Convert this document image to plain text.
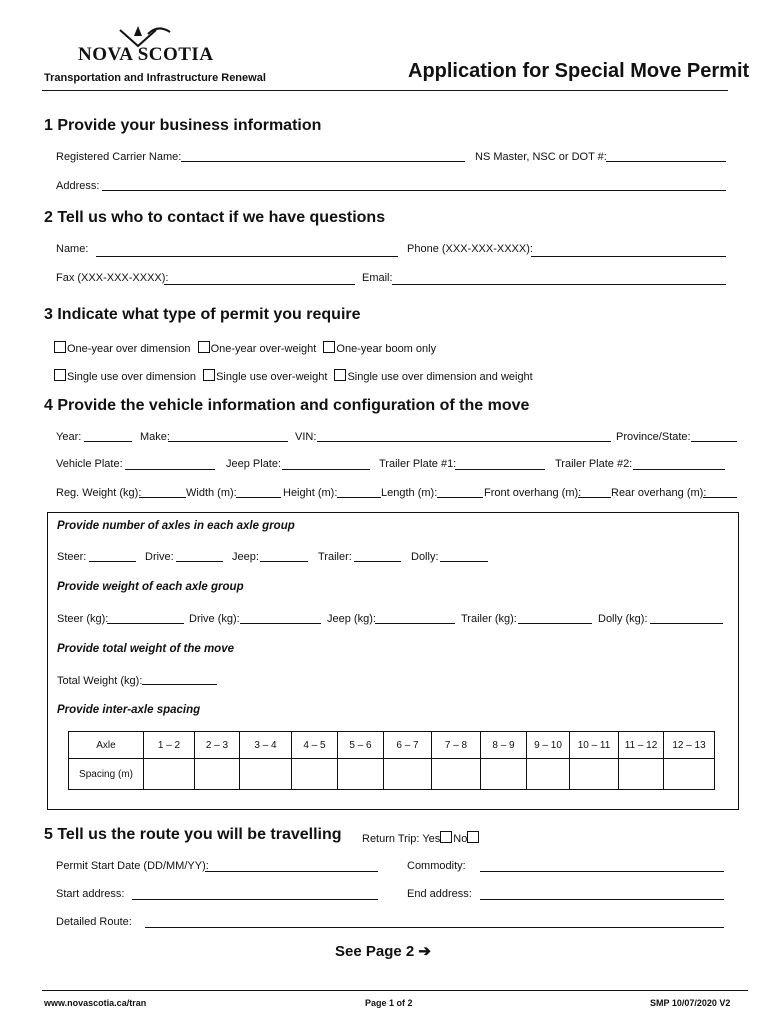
NOVA SCOTIA
Transportation and Infrastructure Renewal	Application for Special Move Permit
1 Provide your business information
Registered Carrier Name:	NS Master, NSC or DOT #:
Address:
2 Tell us who to contact if we have questions
Name:	Phone (XXX-XXX-XXXX):
Fax (XXX-XXX-XXXX):	Email:
3 Indicate what type of permit you require
One-year over dimension One-year over-weight One-year boom only
Single use over dimension Single use over-weight Single use over dimension and weight
4 Provide the vehicle information and configuration of the move
Year:	Make:	VIN:	Province/State:
Vehicle Plate:	Jeep Plate:	Trailer Plate #1:	Trailer Plate #2:
Reg. Weight (kg):	Width (m):	Height (m):	Length (m):	Front overhang (m):	Rear overhang (m):
Provide number of axles in each axle group
Steer:	Drive:	Jeep:	Trailer:	Dolly:
Provide weight of each axle group
Steer (kg):	Drive (kg):	Jeep (kg):	Trailer (kg):	Dolly (kg):
Provide total weight of the move
Total Weight (kg):
Provide inter-axle spacing
Axle	1 – 2	2 – 3	3 – 4	4 – 5	5 – 6	6 – 7	7 – 8	8 – 9	9 – 10	10 – 11	11 – 12	12 – 13
Spacing (m)												
5 Tell us the route you will be travelling Return Trip: Yes No
Permit Start Date (DD/MM/YY):	Commodity:
Start address:	End address:
Detailed Route:
See Page 2 ➔
www.novascotia.ca/tran	Page 1 of 2	SMP 10/07/2020 V2
